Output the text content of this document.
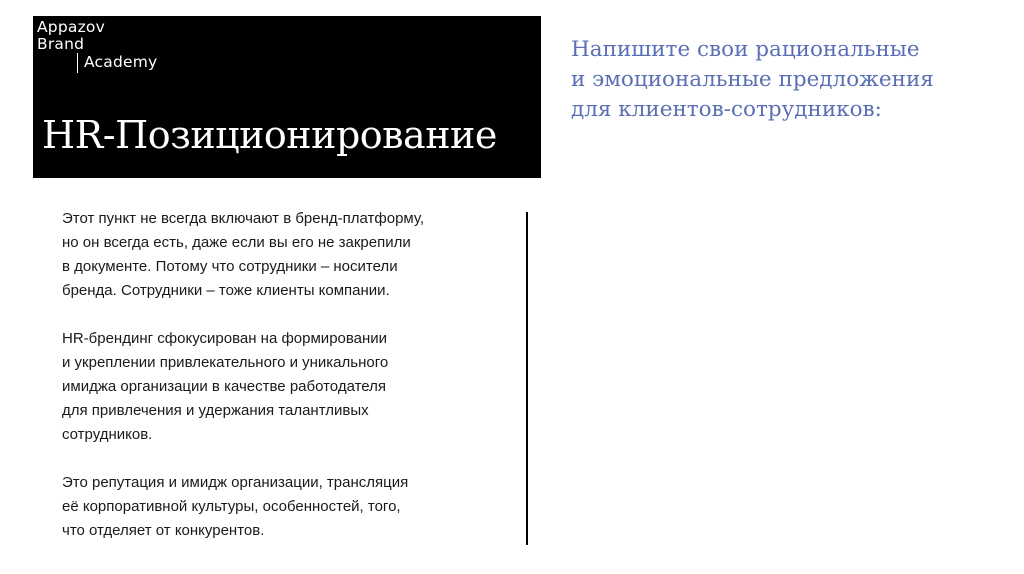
Appazov
Brand
Academy
HR-Позиционирование

Этот пункт не всегда включают в бренд-платформу,
но он всегда есть, даже если вы его не закрепили
в документе. Потому что сотрудники – носители
бренда. Сотрудники – тоже клиенты компании.

HR-брендинг сфокусирован на формировании
и укреплении привлекательного и уникального
имиджа организации в качестве работодателя
для привлечения и удержания талантливых
сотрудников.

Это репутация и имидж организации, трансляция
её корпоративной культуры, особенностей, того,
что отделяет от конкурентов.

Напишите свои рациональные
и эмоциональные предложения
для клиентов-сотрудников:
